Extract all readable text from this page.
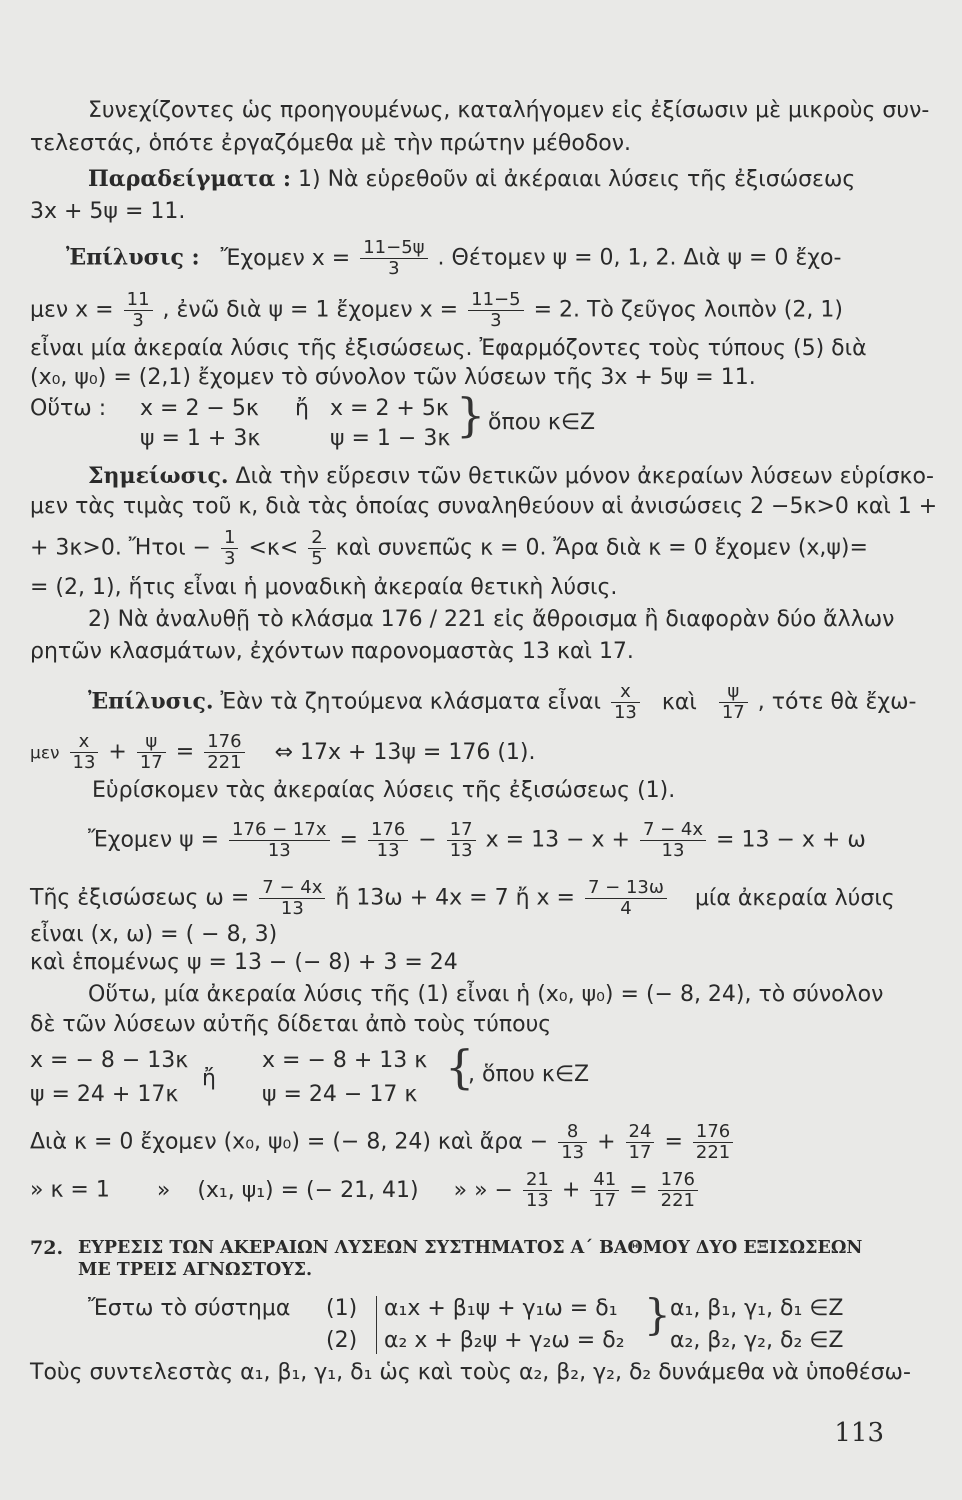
Συνεχίζοντες ὡς προηγουμένως, καταλήγομεν εἰς ἐξίσωσιν μὲ μικροὺς συν-
τελεστάς, ὁπότε ἐργαζόμεθα μὲ τὴν πρώτην μέθοδον.
Παραδείγματα : 1) Νὰ εὑρεθοῦν αἱ ἀκέραιαι λύσεις τῆς ἐξισώσεως
3x + 5ψ = 11.
Ἐπίλυσις : Ἔχομεν $x = \frac{11-5\psi}{3}$ . Θέτομεν ψ = 0, 1, 2. Διὰ ψ = 0 ἔχο-
μεν $x = \frac{11}{3}$ , ἐνῶ διὰ ψ = 1 ἔχομεν $x = \frac{11-5}{3} = 2$. Τὸ ζεῦγος λοιπὸν (2, 1)
εἶναι μία ἀκεραία λύσις τῆς ἐξισώσεως. Ἐφαρμόζοντες τοὺς τύπους (5) διὰ
(x₀, ψ₀) = (2,1) ἔχομεν τὸ σύνολον τῶν λύσεων τῆς 3x + 5ψ = 11.
Οὕτω : x = 2 − 5κ ἤ x = 2 + 5κ } ὅπου κ∈Z
ψ = 1 + 3κ	ψ = 1 − 3κ
Σημείωσις. Διὰ τὴν εὕρεσιν τῶν θετικῶν μόνον ἀκεραίων λύσεων εὑρίσκο-
μεν τὰς τιμὰς τοῦ κ, διὰ τὰς ὁποίας συναληθεύουν αἱ ἀνισώσεις 2 −5κ>0 καὶ 1 +
+ 3κ>0. Ἤτοι − $\frac{1}{3} <\kappa< \frac{2}{5}$ καὶ συνεπῶς κ = 0. Ἄρα διὰ κ = 0 ἔχομεν (x,ψ)=
= (2, 1), ἥτις εἶναι ἡ μοναδικὴ ἀκεραία θετικὴ λύσις.
2) Νὰ ἀναλυθῇ τὸ κλάσμα 176 / 221 εἰς ἄθροισμα ἢ διαφορὰν δύο ἄλλων
ρητῶν κλασμάτων, ἐχόντων παρονομαστὰς 13 καὶ 17.
Ἐπίλυσις. Ἐὰν τὰ ζητούμενα κλάσματα εἶναι $\frac{x}{13}$ καὶ $\frac{\psi}{17}$ , τότε θὰ ἔχω-
μεν $\frac{x}{13} + \frac{\psi}{17} = \frac{176}{221}$ ⇔ 17x + 13ψ = 176 (1).
Εὑρίσκομεν τὰς ἀκεραίας λύσεις τῆς ἐξισώσεως (1).
Ἔχομεν $\psi = \frac{176 - 17x}{13} = \frac{176}{13} - \frac{17}{13}$ $x = 13 - x + \frac{7 - 4x}{13} = 13 - x + \omega$
Τῆς ἐξισώσεως $\omega = \frac{7 - 4x}{13}$ ἤ 13ω + 4x = 7 ἤ $x = \frac{7 - 13\omega}{4}$ μία ἀκεραία λύσις
εἶναι (x, ω) = ( − 8, 3)
καὶ ἑπομένως ψ = 13 − (− 8) + 3 = 24
Οὕτω, μία ἀκεραία λύσις τῆς (1) εἶναι ἡ (x₀, ψ₀) = (− 8, 24), τὸ σύνολον
δὲ τῶν λύσεων αὐτῆς δίδεται ἀπὸ τοὺς τύπους
x = − 8 − 13κ	x = − 8 + 13 κ
ἤ	{
, ὅπου κ∈Z
ψ = 24 + 17κ	ψ = 24 − 17 κ
Διὰ κ = 0 ἔχομεν (x₀, ψ₀) = (− 8, 24) καὶ ἄρα − $\frac{8}{13} + \frac{24}{17} = \frac{176}{221}$
» κ = 1 » (x₁, ψ₁) = (− 21, 41) » » − $\frac{21}{13} + \frac{41}{17} = \frac{176}{221}$
72. ΕΥΡΕΣΙΣ ΤΩΝ ΑΚΕΡΑΙΩΝ ΛΥΣΕΩΝ ΣΥΣΤΗΜΑΤΟΣ Α΄ ΒΑΘΜΟΥ ΔΥΟ ΕΞΙΣΩΣΕΩΝ
ΜΕ ΤΡΕΙΣ ΑΓΝΩΣΤΟΥΣ.
Ἔστω τὸ σύστημα (1) α₁x + β₁ψ + γ₁ω = δ₁ } α₁, β₁, γ₁, δ₁ ∈Z
(2) α₂ x + β₂ψ + γ₂ω = δ₂ α₂, β₂, γ₂, δ₂ ∈Z
Τοὺς συντελεστὰς α₁, β₁, γ₁, δ₁ ὡς καὶ τοὺς α₂, β₂, γ₂, δ₂ δυνάμεθα νὰ ὑποθέσω-
113
